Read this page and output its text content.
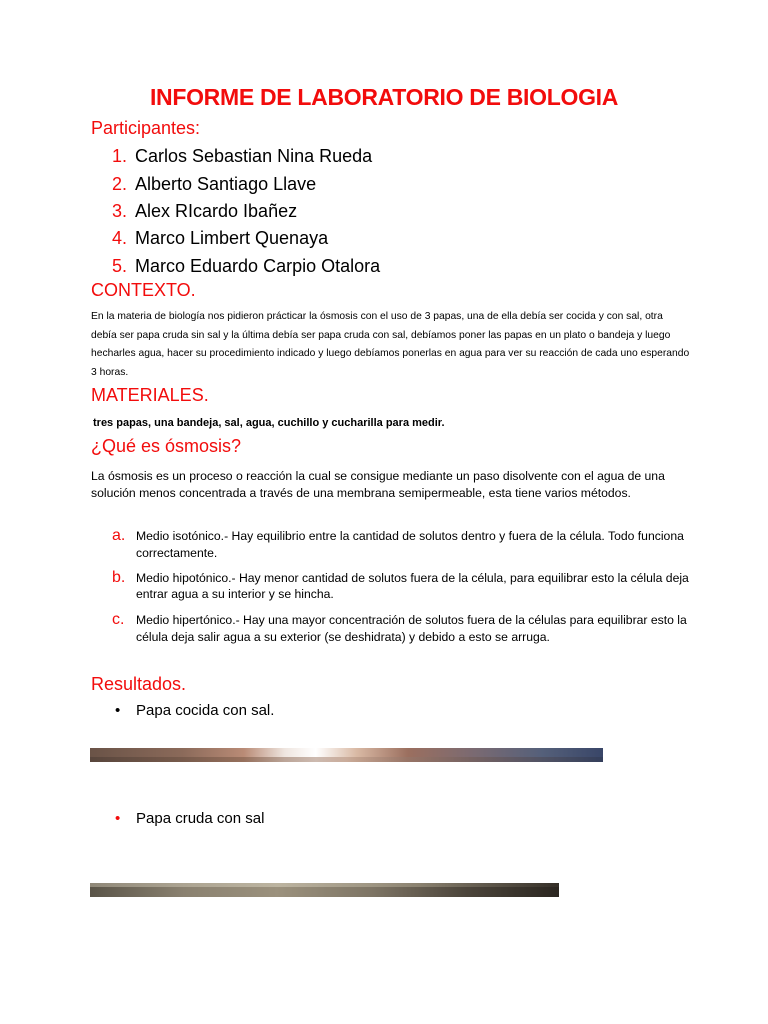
INFORME DE LABORATORIO DE BIOLOGIA
Participantes:
1. Carlos Sebastian Nina Rueda
2. Alberto Santiago Llave
3. Alex RIcardo Ibañez
4. Marco Limbert Quenaya
5. Marco Eduardo Carpio Otalora
CONTEXTO.

En la materia de biología nos pidieron prácticar la ósmosis con el uso de 3 papas, una de ella debía ser cocida y con sal, otra debía ser papa cruda sin sal y la última debía ser papa cruda con sal, debíamos poner las papas en un plato o bandeja y luego hecharles agua, hacer su procedimiento indicado y luego debíamos ponerlas en agua para ver su reacción de cada uno esperando 3 horas.

MATERIALES.

tres papas, una bandeja, sal, agua, cuchillo y cucharilla para medir.

¿Qué es ósmosis?

La ósmosis es un proceso o reacción la cual se consigue mediante un paso disolvente con el agua de una solución menos concentrada a través de una membrana semipermeable, esta tiene varios métodos.

a. Medio isotónico.- Hay equilibrio entre la cantidad de solutos dentro y fuera de la célula. Todo funciona correctamente.
b. Medio hipotónico.- Hay menor cantidad de solutos fuera de la célula, para equilibrar esto la célula deja entrar agua a su interior y se hincha.
c. Medio hipertónico.- Hay una mayor concentración de solutos fuera de la células para equilibrar esto la célula deja salir agua a su exterior (se deshidrata) y debido a esto se arruga.
Resultados.
•	Papa cocida con sal.
•	Papa cruda con sal
